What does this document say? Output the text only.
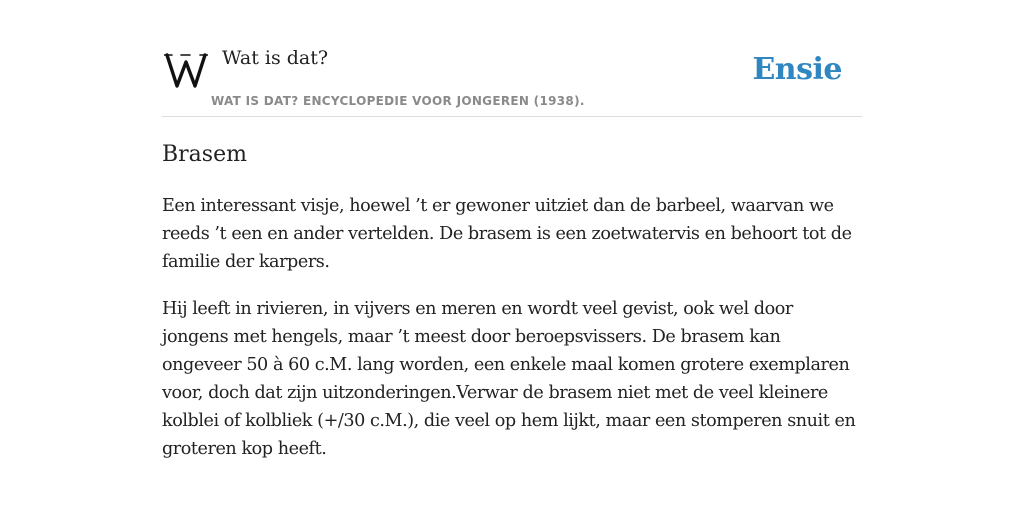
Wat is dat?
WAT IS DAT? ENCYCLOPEDIE VOOR JONGEREN (1938).
Ensie
Brasem

Een interessant visje, hoewel ’t er gewoner uitziet dan de barbeel, waarvan we reeds ’t een en ander vertelden. De brasem is een zoetwatervis en behoort tot de familie der karpers.

Hij leeft in rivieren, in vijvers en meren en wordt veel gevist, ook wel door jongens met hengels, maar ’t meest door beroepsvissers. De brasem kan ongeveer 50 à 60 c.M. lang worden, een enkele maal komen grotere exemplaren voor, doch dat zijn uitzonderingen.Verwar de brasem niet met de veel kleinere kolblei of kolbliek (+/30 c.M.), die veel op hem lijkt, maar een stomperen snuit en groteren kop heeft.
